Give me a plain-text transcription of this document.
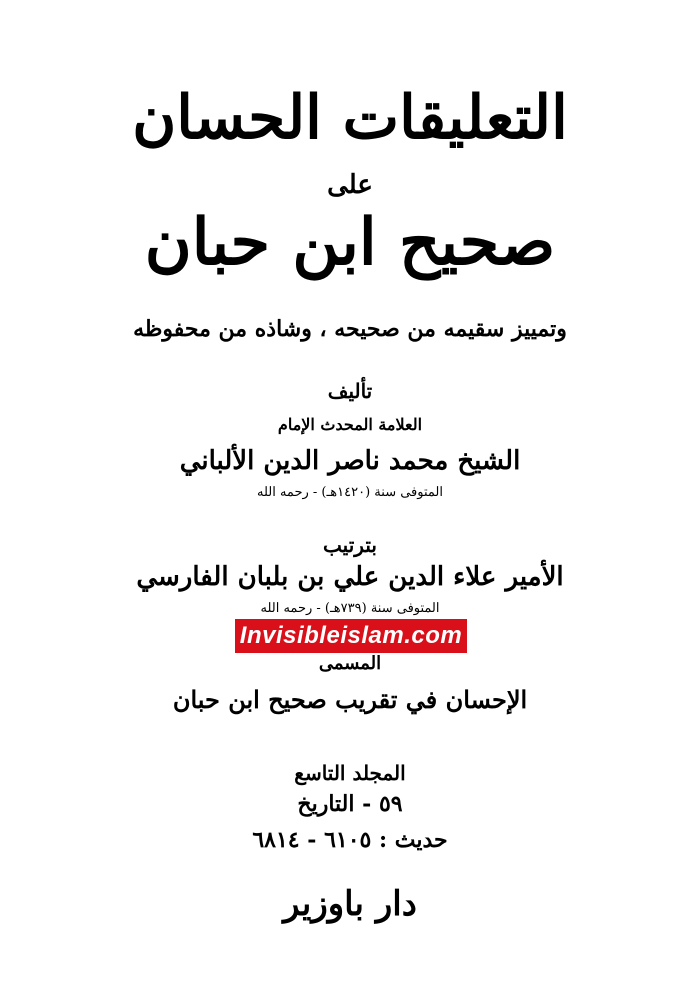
التعليقات الحسان
على
صحيح ابن حبان
وتمييز سقيمه من صحيحه ، وشاذه من محفوظه
تأليف
العلامة المحدث الإمام
الشيخ محمد ناصر الدين الألباني
المتوفى سنة (١٤٢٠هـ) - رحمه الله
بترتيب
الأمير علاء الدين علي بن بلبان الفارسي
المتوفى سنة (٧٣٩هـ) - رحمه الله
Invisibleislam.com
المسمى
الإحسان في تقريب صحيح ابن حبان
المجلد التاسع
٥٩ - التاريخ
حديث : ٦١٠٥ - ٦٨١٤
دار باوزير
